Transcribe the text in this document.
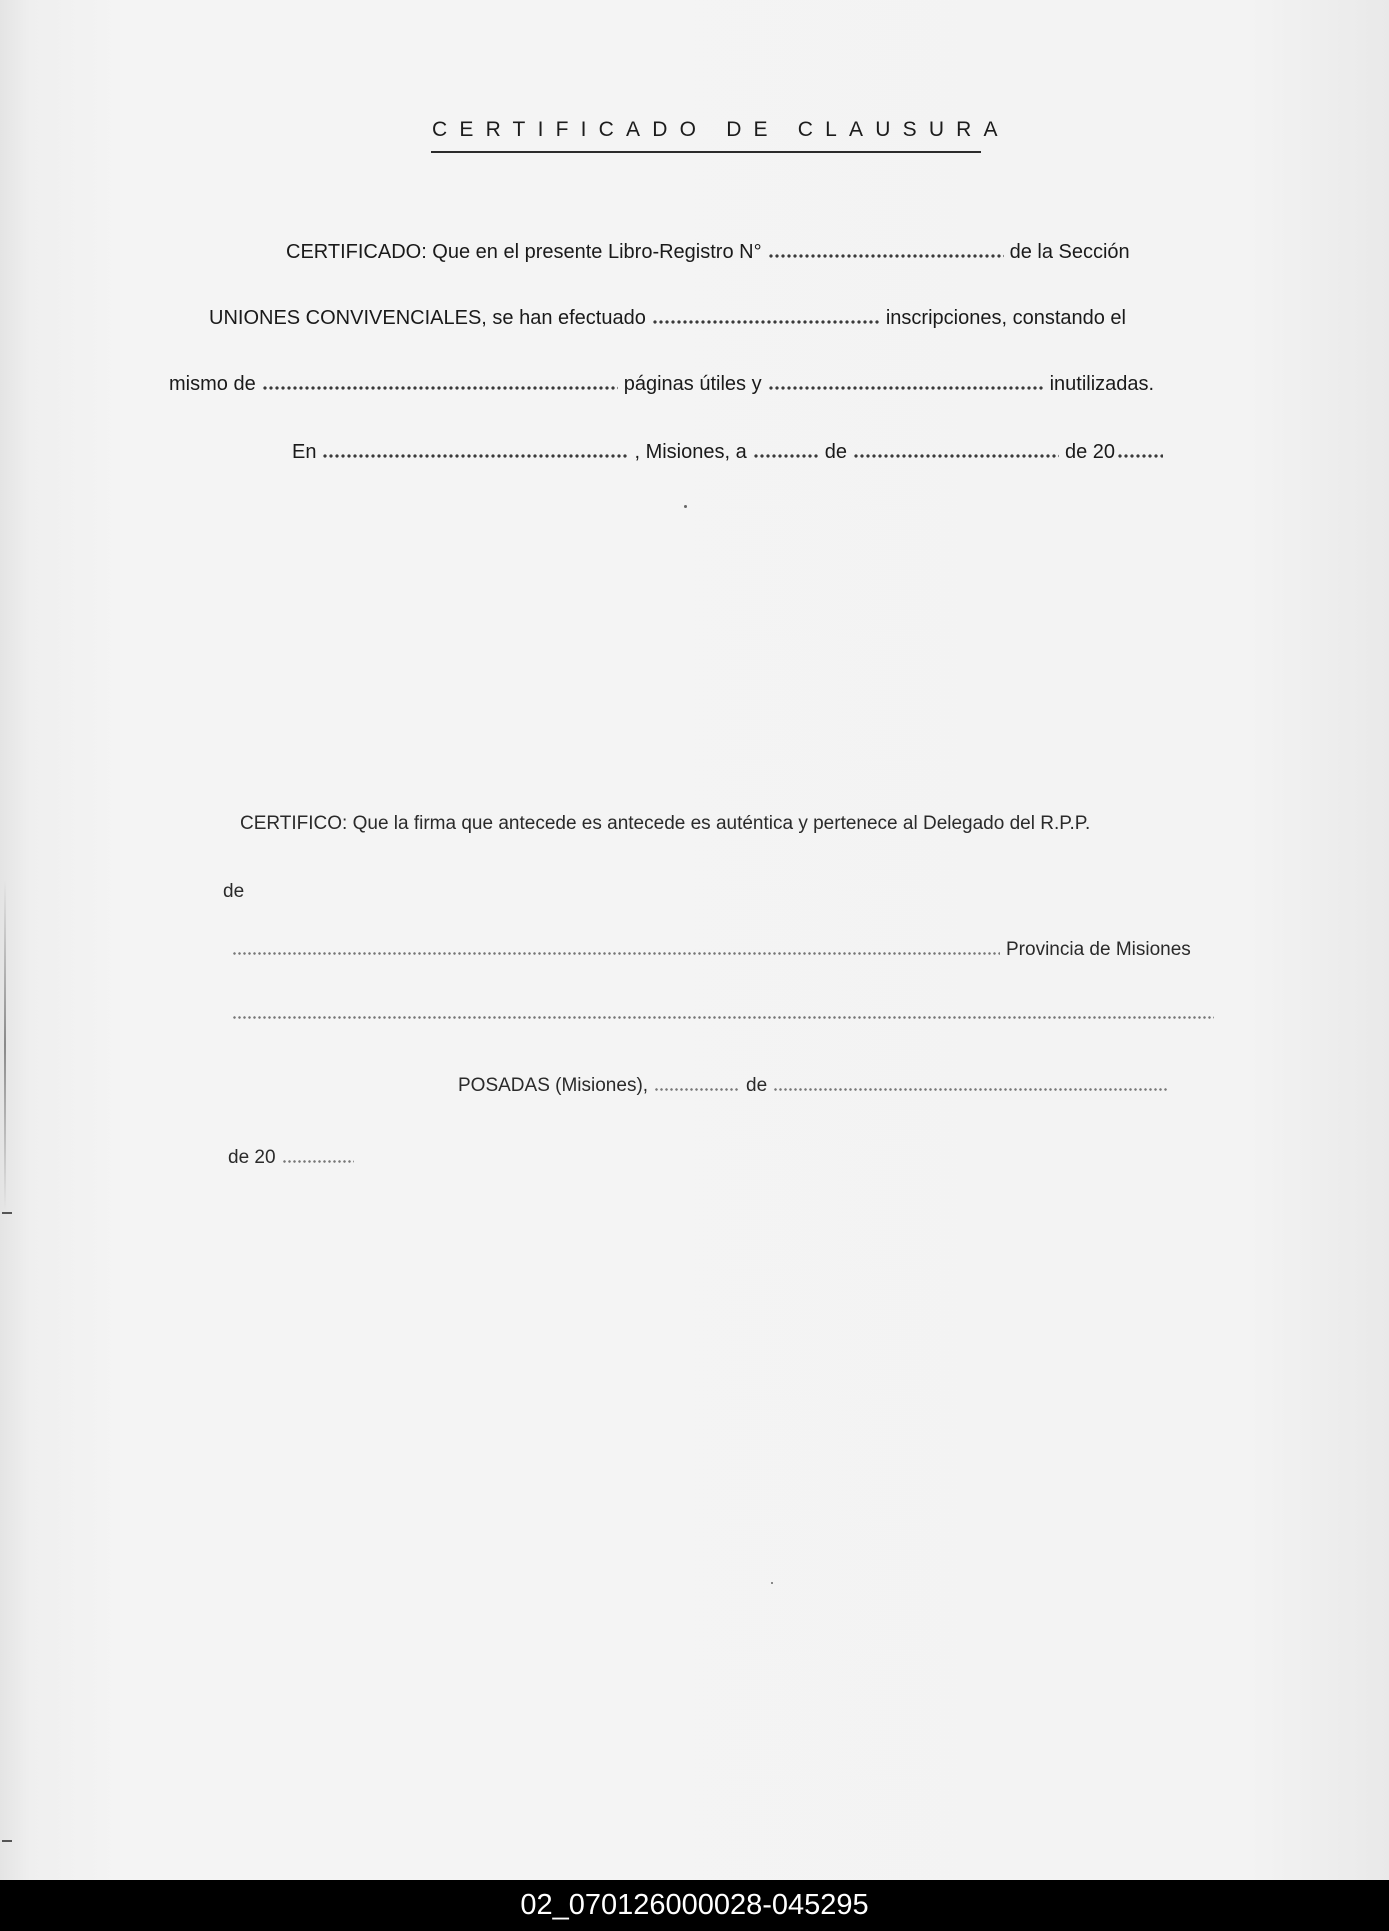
CERTIFICADO DE CLAUSURA
CERTIFICADO: Que en el presente Libro-Registro N°	de la Sección
UNIONES CONVIVENCIALES, se han efectuado	inscripciones, constando el
mismo de	páginas útiles y	inutilizadas.
En	, Misiones, a	de	de 20
CERTIFICO: Que la firma que antecede es antecede es auténtica y pertenece al Delegado del R.P.P.
de
Provincia de Misiones
POSADAS (Misiones),	de
de 20
02_070126000028-045295
